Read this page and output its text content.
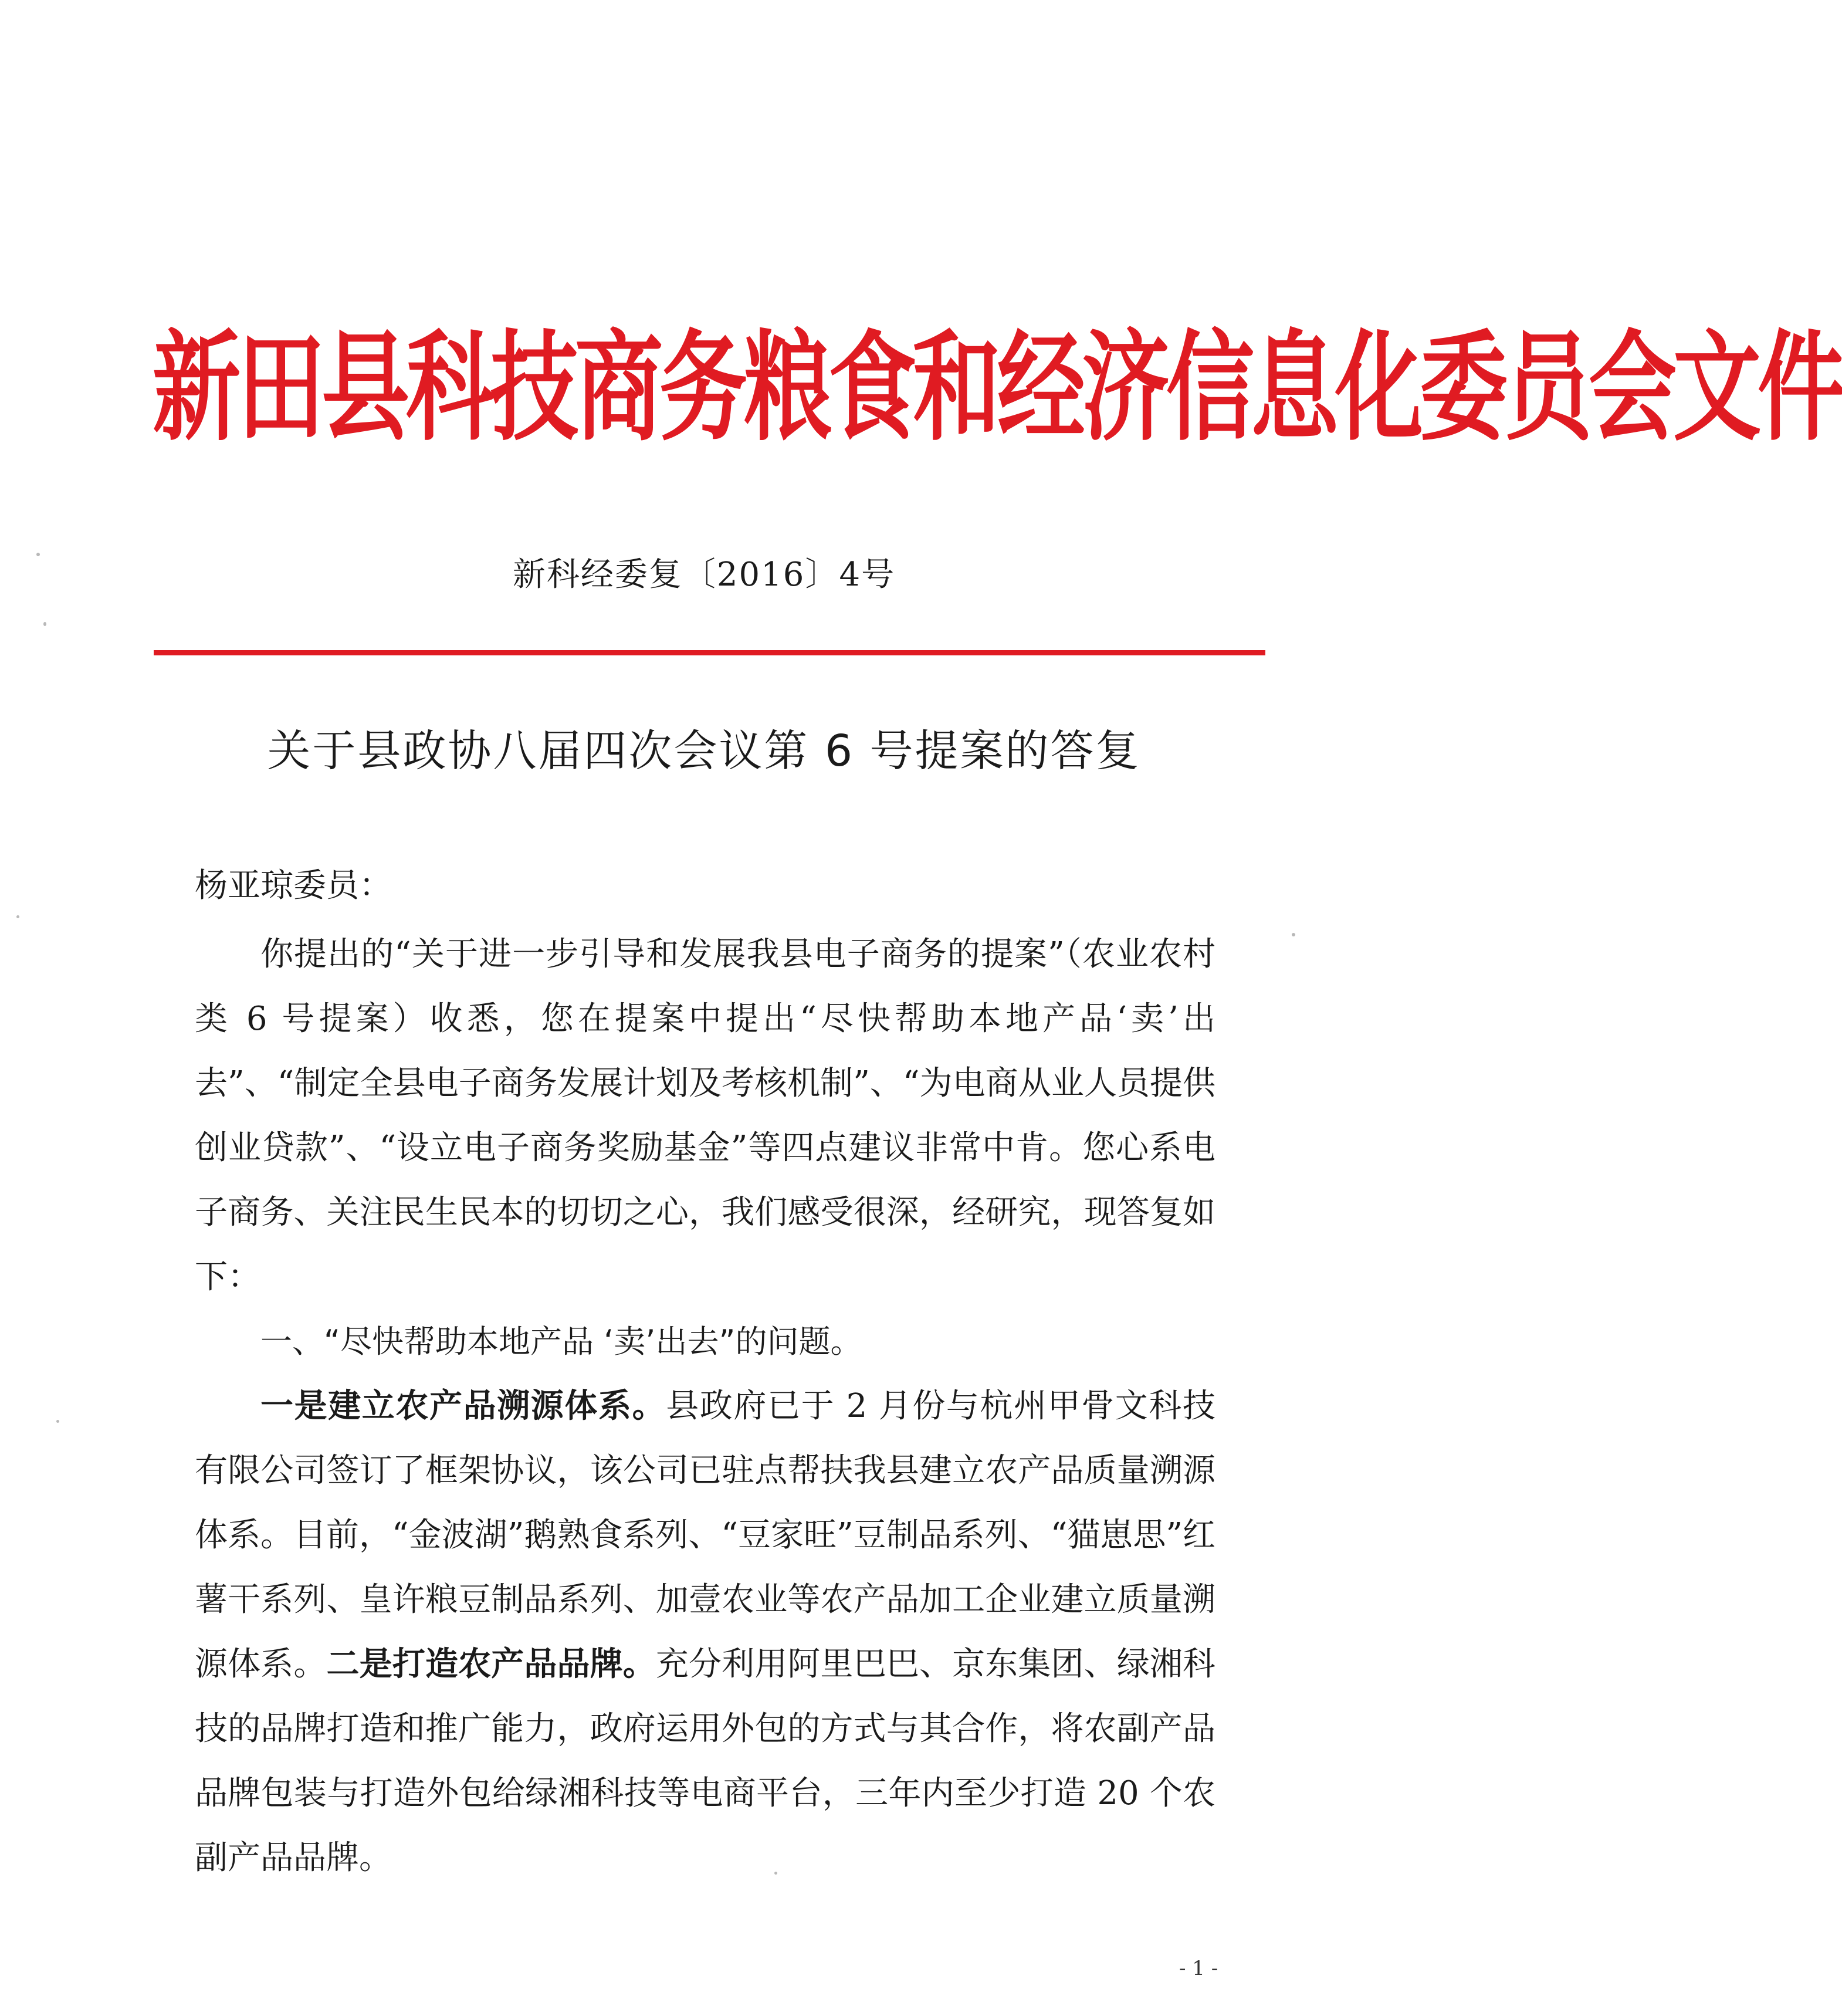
新田县科技商务粮食和经济信息化委员会文件
新科经委复〔2016〕4号
关于县政协八届四次会议第 6 号提案的答复
杨亚琼委员：

你提出的“关于进一步引导和发展我县电子商务的提案”（农业农村类 6 号提案）收悉，您在提案中提出“尽快帮助本地产品‘卖’出去”、“制定全县电子商务发展计划及考核机制”、“为电商从业人员提供创业贷款”、“设立电子商务奖励基金”等四点建议非常中肯。您心系电子商务、关注民生民本的切切之心，我们感受很深，经研究，现答复如下：

一、“尽快帮助本地产品 ‘卖’出去”的问题。

一是建立农产品溯源体系。县政府已于 2 月份与杭州甲骨文科技有限公司签订了框架协议，该公司已驻点帮扶我县建立农产品质量溯源体系。目前，“金波湖”鹅熟食系列、“豆家旺”豆制品系列、“猫崽思”红薯干系列、皇许粮豆制品系列、加壹农业等农产品加工企业建立质量溯源体系。二是打造农产品品牌。充分利用阿里巴巴、京东集团、绿湘科技的品牌打造和推广能力，政府运用外包的方式与其合作，将农副产品品牌包装与打造外包给绿湘科技等电商平台，三年内至少打造 20 个农副产品品牌。

- 1 -
